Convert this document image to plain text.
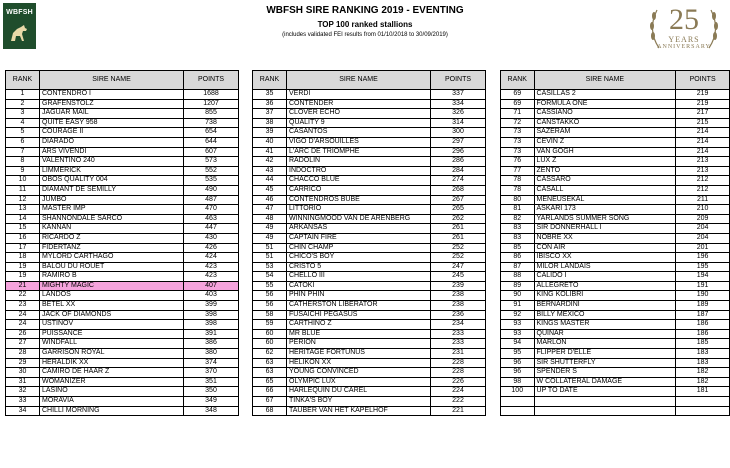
WBFSH	WBFSH SIRE RANKING 2019 - EVENTING
TOP 100 ranked stallions
(includes validated FEI results from 01/10/2018 to 30/09/2019)	25
YEARS
ANNIVERSARY
RANK	SIRE NAME	POINTS
1	CONTENDRO I	1688
2	GRAFENSTOLZ	1207
3	JAGUAR MAIL	855
4	QUITE EASY 958	738
5	COURAGE II	654
6	DIARADO	644
7	ARS VIVENDI	607
8	VALENTINO 240	573
9	LIMMERICK	552
10	OBOS QUALITY 004	535
11	DIAMANT DE SEMILLY	490
12	JUMBO	487
13	MASTER IMP	470
14	SHANNONDALE SARCO	463
15	KANNAN	447
16	RICARDO Z	430
17	FIDERTANZ	426
18	MYLORD CARTHAGO	424
19	BALOU DU ROUET	423
19	RAMIRO B	423
21	MIGHTY MAGIC	407
22	LANDOS	403
23	BETEL XX	399
24	JACK OF DIAMONDS	398
24	USTINOV	398
26	PUISSANCE	391
27	WINDFALL	386
28	GARRISON ROYAL	380
29	HERALDIK XX	374
30	CAMIRO DE HAAR Z	370
31	WOMANIZER	351
32	LASINO	350
33	MORAVIA	349
34	CHILLI MORNING	348
RANK	SIRE NAME	POINTS
35	VERDI	337
36	CONTENDER	334
37	CLOVER ECHO	326
38	QUALITY 9	314
39	CASANTOS	300
40	VIGO D'ARSOUILLES	297
41	L'ARC DE TRIOMPHE	296
42	RADOLIN	286
43	INDOCTRO	284
44	CHACCO BLUE	274
45	CARRICO	268
46	CONTENDROS BUBE	267
47	LITTORIO	265
48	WINNINGMOOD VAN DE ARENBERG	262
49	ARKANSAS	261
49	CAPTAIN FIRE	261
51	CHIN CHAMP	252
51	CHICO'S BOY	252
53	CRISTO 5	247
54	CHELLO III	245
55	CATOKI	239
56	PHIN PHIN	238
56	CATHERSTON LIBERATOR	238
58	FUSAICHI PEGASUS	236
59	CARTHINO Z	234
60	MR BLUE	233
60	PERION	233
62	HERITAGE FORTUNUS	231
63	HELIKON XX	228
63	YOUNG CONVINCED	228
65	OLYMPIC LUX	226
66	HARLEQUIN DU CAREL	224
67	TINKA'S BOY	222
68	TAUBER VAN HET KAPELHOF	221
RANK	SIRE NAME	POINTS
69	CASILLAS 2	219
69	FORMULA ONE	219
71	CASSIANO	217
72	CANSTAKKO	215
73	SAZERAM	214
73	CEVIN Z	214
73	VAN GOGH	214
76	LUX Z	213
77	ZENTO	213
78	CASSARO	212
78	CASALL	212
80	MENEUSEKAL	211
81	ASKARI 173	210
82	YARLANDS SUMMER SONG	209
83	SIR DONNERHALL I	204
83	NOBRE XX	204
85	CON AIR	201
86	IBISCO XX	196
87	MILOR LANDAIS	195
88	CALIDO I	194
89	ALLEGRETO	191
90	KING KOLIBRI	190
91	BERNARDINI	189
92	BILLY MEXICO	187
93	KINGS MASTER	186
93	QUINAR	186
94	MARLON	185
95	FLIPPER D'ELLE	183
96	SIR SHUTTERFLY	183
96	SPENDER S	182
98	W COLLATERAL DAMAGE	182
100	UP TO DATE	181
